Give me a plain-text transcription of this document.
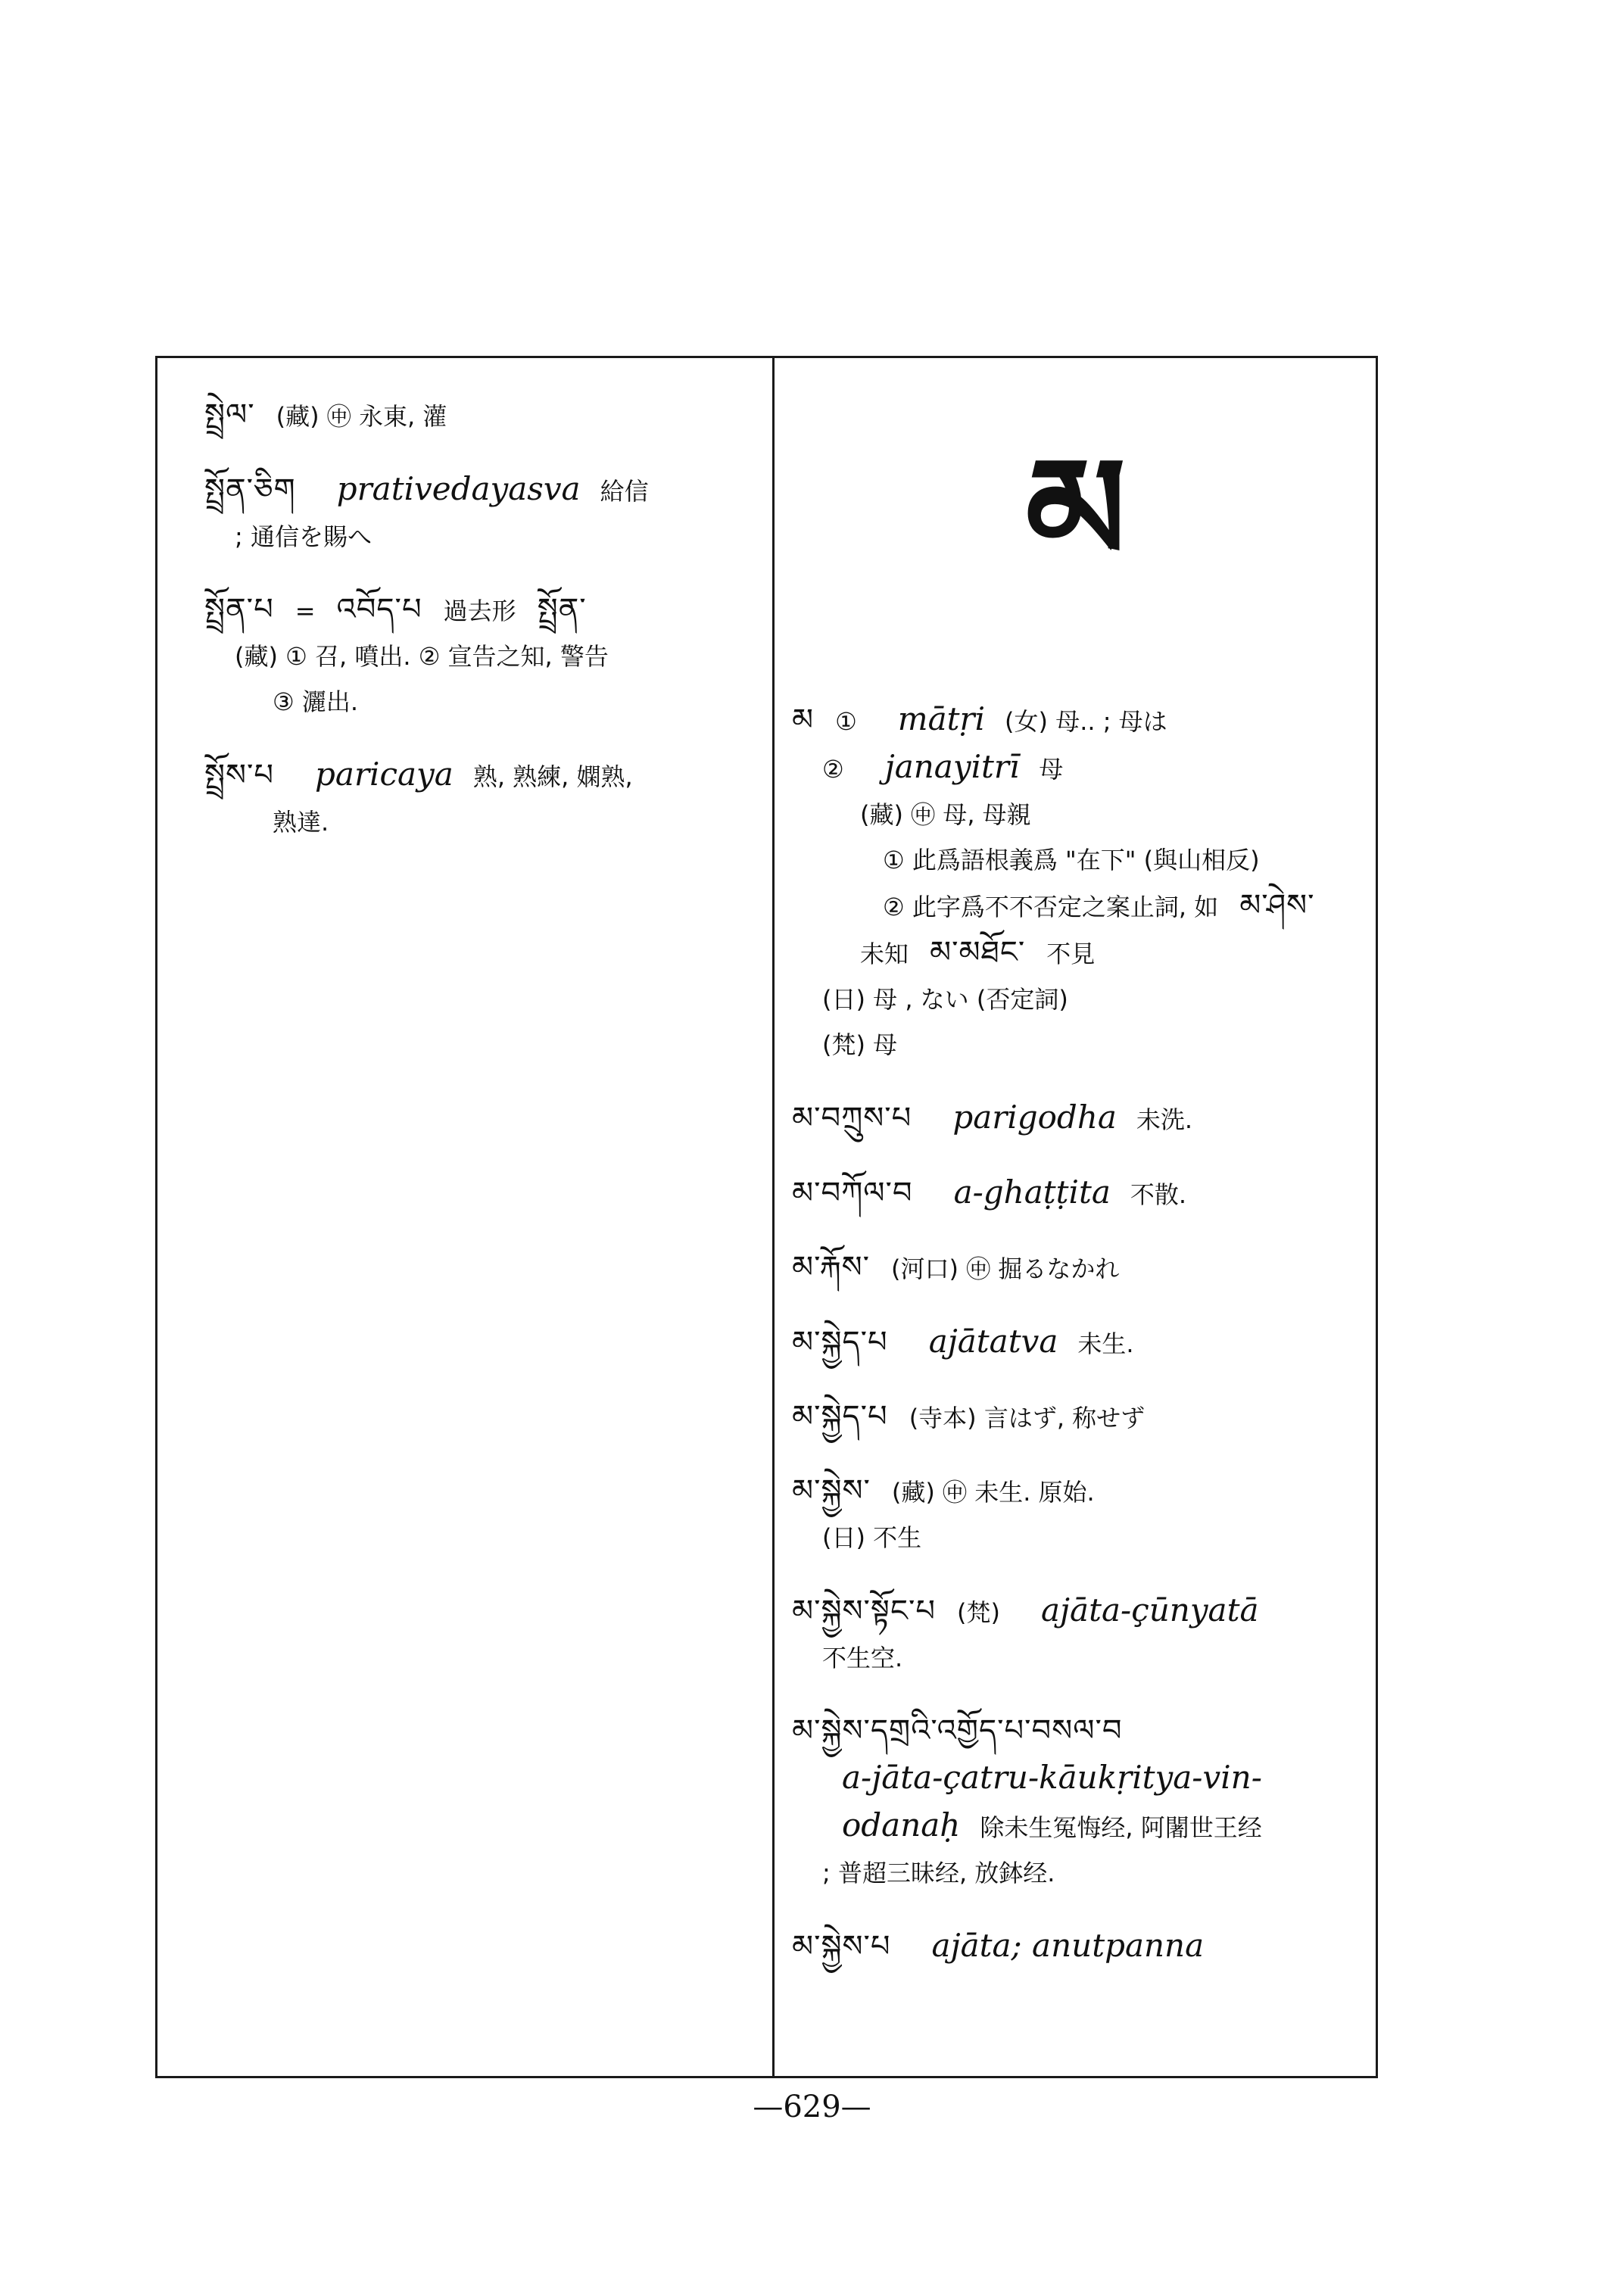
སྤྲེལ་ (藏) ㊥ 永東, 灌
སྤྲོན་ཅིག prativedayasva 給信
; 通信を賜へ
སྤྲོན་པ = འབོད་པ 過去形 སྤྲོན་
(藏) ① 召, 噴出. ② 宣告之知, 警告
③ 灑出.
སྤྲོས་པ paricaya 熟, 熟練, 嫻熟,
熟達.
མ
མ ① mātṛi (女) 母.. ; 母は
② janayitrī 母
(藏) ㊥ 母, 母親
① 此爲語根義爲 "在下" (與山相反)
② 此字爲不不否定之案止詞, 如 མ་ཤེས་
未知 མ་མཐོང་ 不見
(日) 母 , ない (否定詞)
(梵) 母
མ་བཀྲུས་པ parigodha 未洗.
མ་བཀོལ་བ a-ghaṭṭita 不散.
མ་རྐོས་ (河口) ㊥ 掘るなかれ
མ་སྐྱེད་པ ajātatva 未生.
མ་སྐྱེད་པ (寺本) 言はず, 称せず
མ་སྐྱེས་ (藏) ㊥ 未生. 原始.
(日) 不生
མ་སྐྱེས་སྟོང་པ (梵) ajāta-çūnyatā
不生空.
མ་སྐྱེས་དགྲའི་འགྱོད་པ་བསལ་བ
a-jāta-çatru-kāukṛitya-vin-
odanaḥ 除未生冤悔经, 阿闍世王经
; 普超三昧经, 放鉢经.
མ་སྐྱེས་པ ajāta; anutpanna
—629—
